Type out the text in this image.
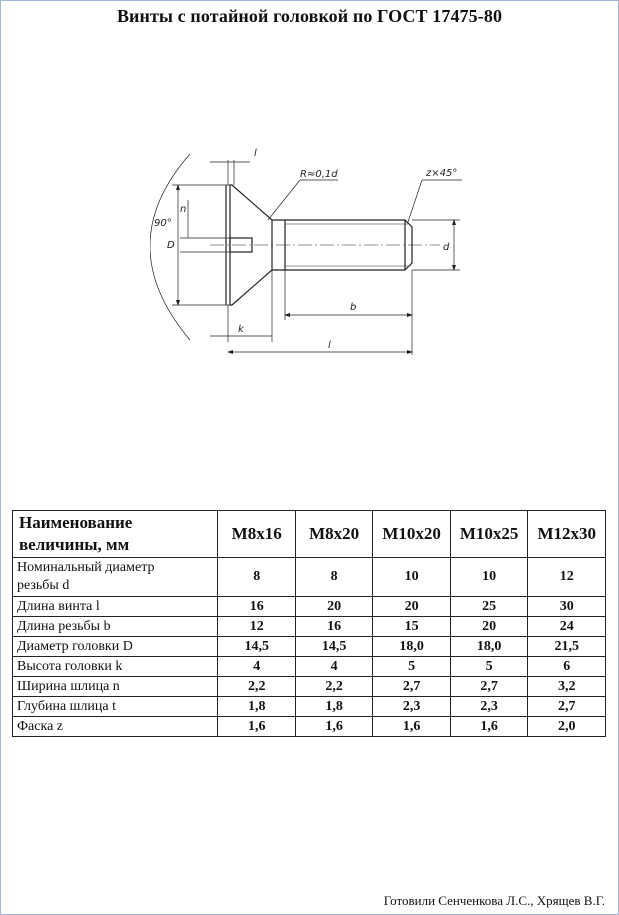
Винты с потайной головкой по ГОСТ 17475-80
l
R≈0,1d	z×45°
n
D
90°
d
b
k
l
Наименование
величины, мм	M8x16	M8x20	M10x20	M10x25	M12x30
Номинальный диаметр
резьбы d	8	8	10	10	12
Длина винта l	16	20	20	25	30
Длина резьбы b	12	16	15	20	24
Диаметр головки D	14,5	14,5	18,0	18,0	21,5
Высота головки k	4	4	5	5	6
Ширина шлица n	2,2	2,2	2,7	2,7	3,2
Глубина шлица t	1,8	1,8	2,3	2,3	2,7
Фаска z	1,6	1,6	1,6	1,6	2,0
Готовили Сенченкова Л.С., Хрящев В.Г.
